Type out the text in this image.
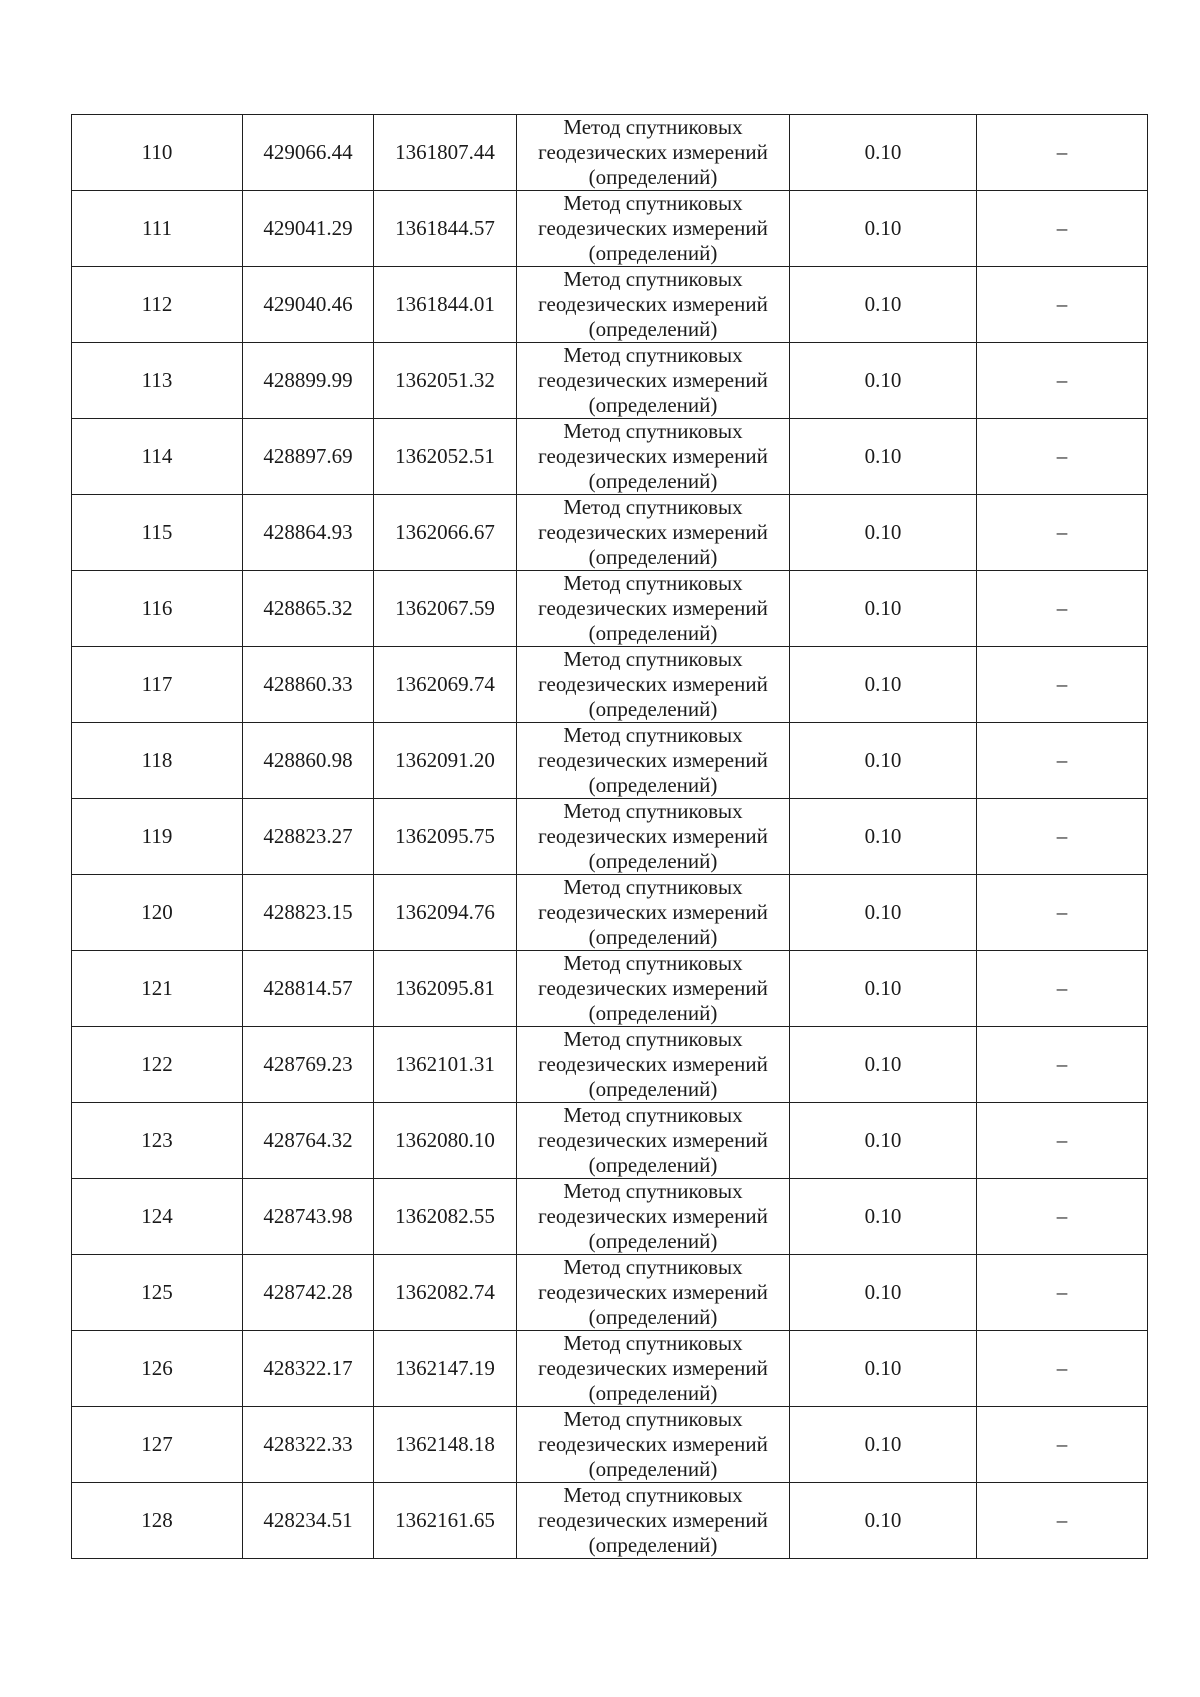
110	429066.44	1361807.44	Метод спутниковых
геодезических измерений
(определений)	0.10	–
111	429041.29	1361844.57	Метод спутниковых
геодезических измерений
(определений)	0.10	–
112	429040.46	1361844.01	Метод спутниковых
геодезических измерений
(определений)	0.10	–
113	428899.99	1362051.32	Метод спутниковых
геодезических измерений
(определений)	0.10	–
114	428897.69	1362052.51	Метод спутниковых
геодезических измерений
(определений)	0.10	–
115	428864.93	1362066.67	Метод спутниковых
геодезических измерений
(определений)	0.10	–
116	428865.32	1362067.59	Метод спутниковых
геодезических измерений
(определений)	0.10	–
117	428860.33	1362069.74	Метод спутниковых
геодезических измерений
(определений)	0.10	–
118	428860.98	1362091.20	Метод спутниковых
геодезических измерений
(определений)	0.10	–
119	428823.27	1362095.75	Метод спутниковых
геодезических измерений
(определений)	0.10	–
120	428823.15	1362094.76	Метод спутниковых
геодезических измерений
(определений)	0.10	–
121	428814.57	1362095.81	Метод спутниковых
геодезических измерений
(определений)	0.10	–
122	428769.23	1362101.31	Метод спутниковых
геодезических измерений
(определений)	0.10	–
123	428764.32	1362080.10	Метод спутниковых
геодезических измерений
(определений)	0.10	–
124	428743.98	1362082.55	Метод спутниковых
геодезических измерений
(определений)	0.10	–
125	428742.28	1362082.74	Метод спутниковых
геодезических измерений
(определений)	0.10	–
126	428322.17	1362147.19	Метод спутниковых
геодезических измерений
(определений)	0.10	–
127	428322.33	1362148.18	Метод спутниковых
геодезических измерений
(определений)	0.10	–
128	428234.51	1362161.65	Метод спутниковых
геодезических измерений
(определений)	0.10	–
